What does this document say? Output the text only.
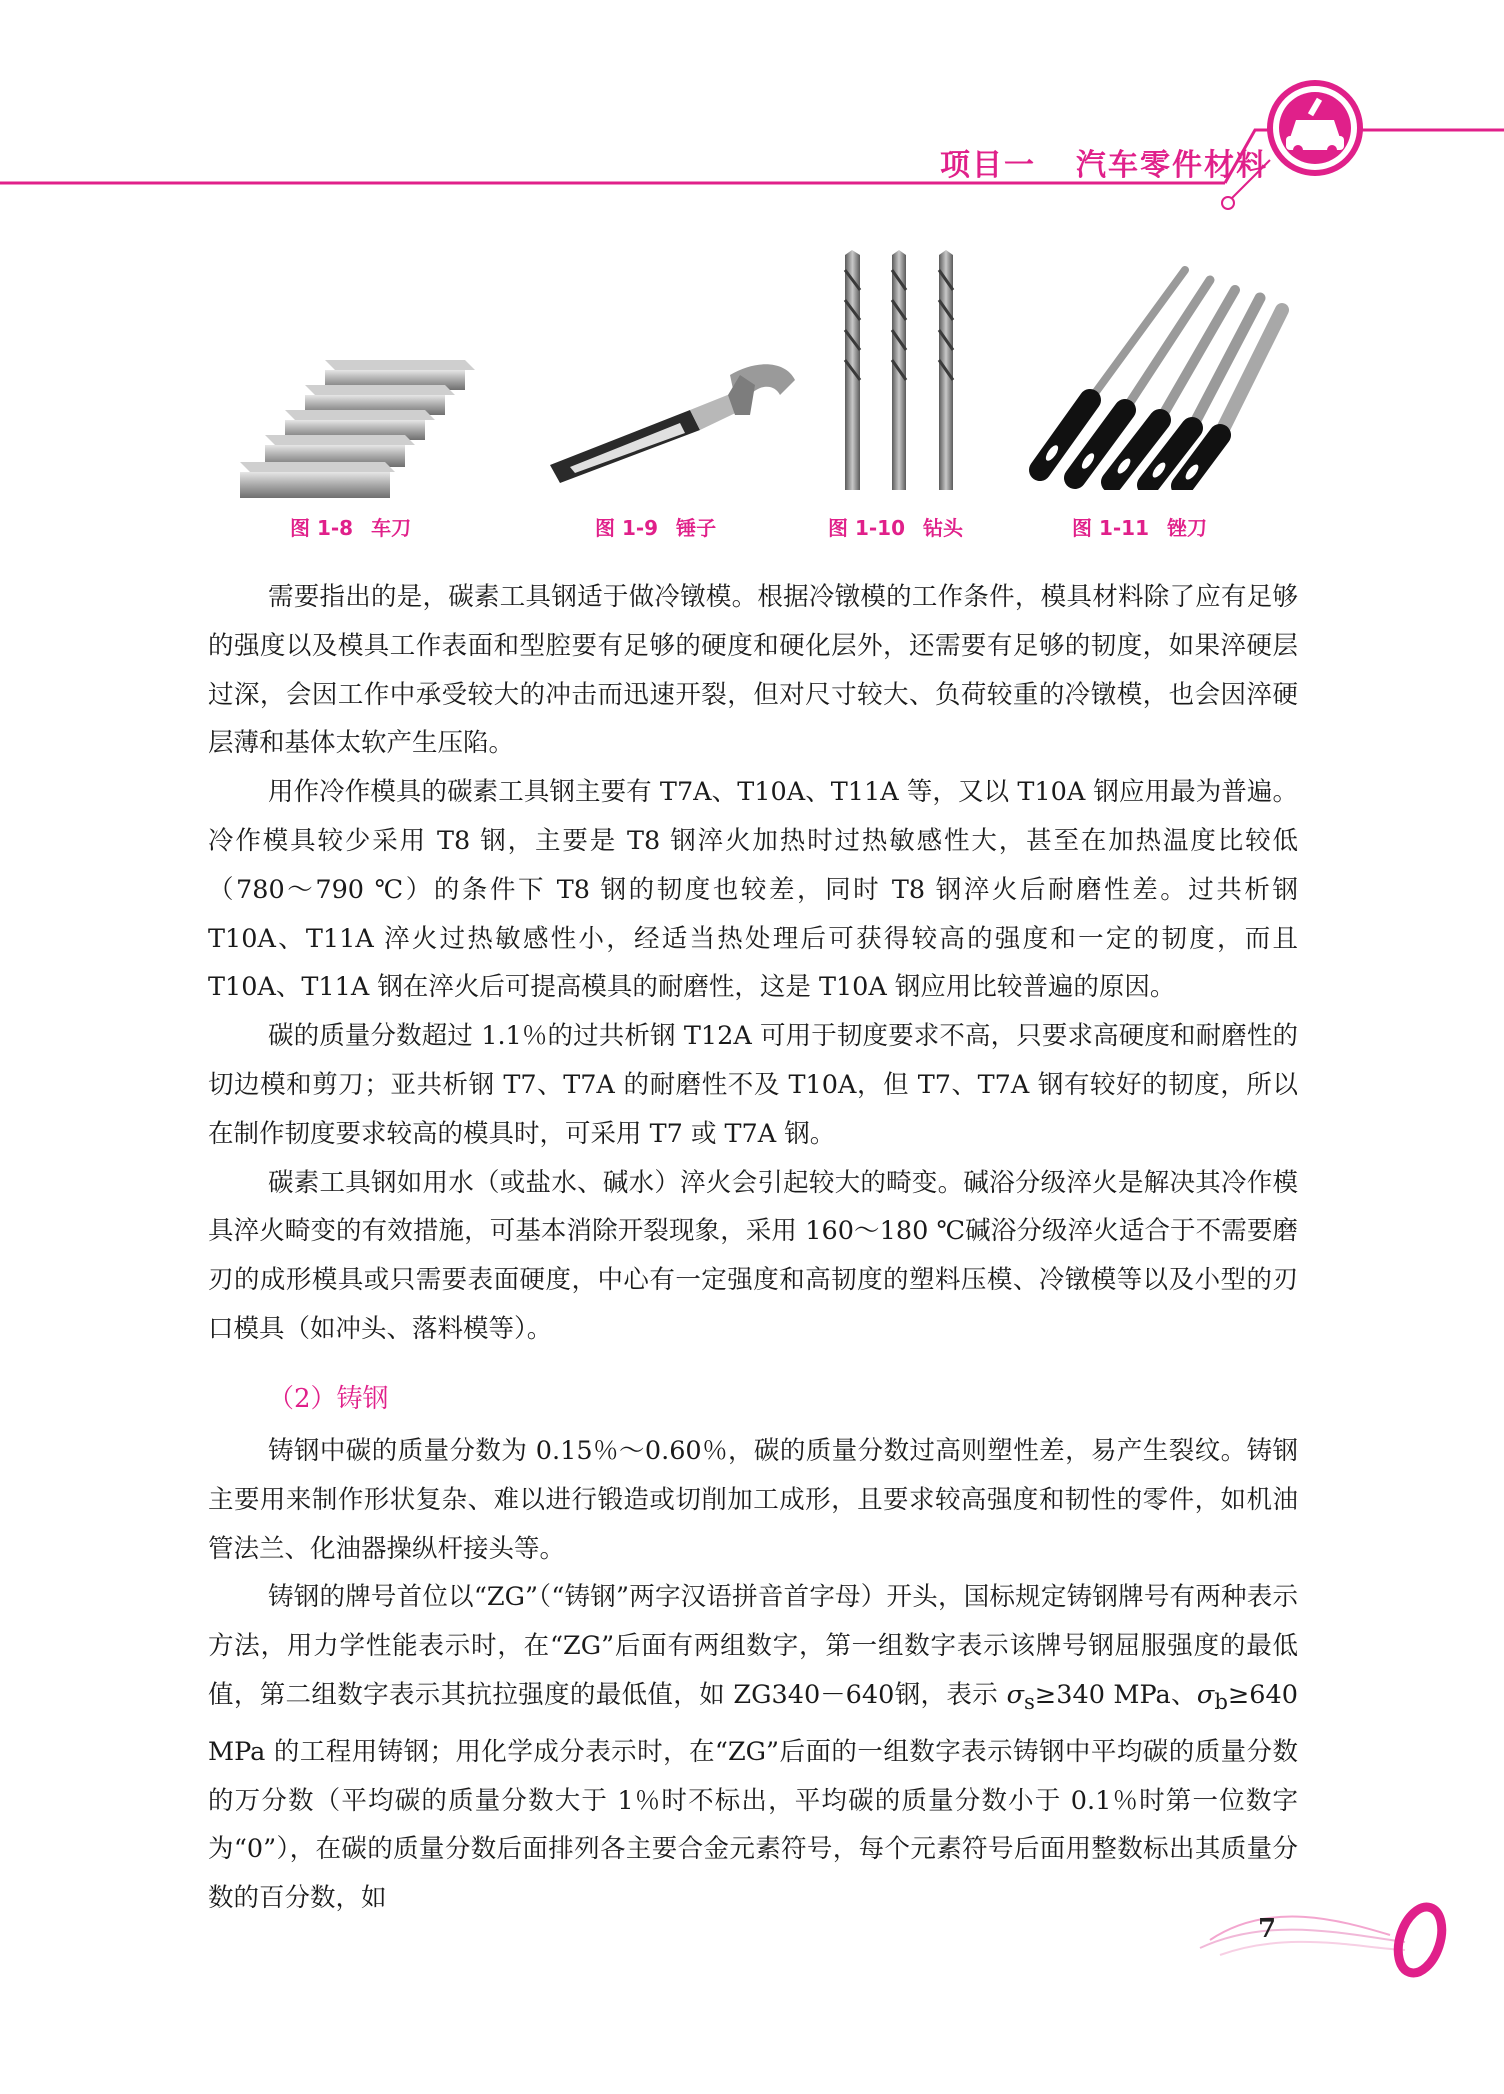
项目一 汽车零件材料
图 1-8 车刀	图 1-9 锤子	图 1-10 钻头	图 1-11 锉刀

需要指出的是，碳素工具钢适于做冷镦模。根据冷镦模的工作条件，模具材料除了应有足够的强度以及模具工作表面和型腔要有足够的硬度和硬化层外，还需要有足够的韧度，如果淬硬层过深，会因工作中承受较大的冲击而迅速开裂，但对尺寸较大、负荷较重的冷镦模，也会因淬硬层薄和基体太软产生压陷。

用作冷作模具的碳素工具钢主要有 T7A、T10A、T11A 等，又以 T10A 钢应用最为普遍。冷作模具较少采用 T8 钢，主要是 T8 钢淬火加热时过热敏感性大，甚至在加热温度比较低（780～790 ℃）的条件下 T8 钢的韧度也较差，同时 T8 钢淬火后耐磨性差。过共析钢 T10A、T11A 淬火过热敏感性小，经适当热处理后可获得较高的强度和一定的韧度，而且 T10A、T11A 钢在淬火后可提高模具的耐磨性，这是 T10A 钢应用比较普遍的原因。

碳的质量分数超过 1.1％的过共析钢 T12A 可用于韧度要求不高，只要求高硬度和耐磨性的切边模和剪刀；亚共析钢 T7、T7A 的耐磨性不及 T10A，但 T7、T7A 钢有较好的韧度，所以在制作韧度要求较高的模具时，可采用 T7 或 T7A 钢。

碳素工具钢如用水（或盐水、碱水）淬火会引起较大的畸变。碱浴分级淬火是解决其冷作模具淬火畸变的有效措施，可基本消除开裂现象，采用 160～180 ℃碱浴分级淬火适合于不需要磨刃的成形模具或只需要表面硬度，中心有一定强度和高韧度的塑料压模、冷镦模等以及小型的刃口模具（如冲头、落料模等）。

（2）铸钢

铸钢中碳的质量分数为 0.15％～0.60％，碳的质量分数过高则塑性差，易产生裂纹。铸钢主要用来制作形状复杂、难以进行锻造或切削加工成形，且要求较高强度和韧性的零件，如机油管法兰、化油器操纵杆接头等。

铸钢的牌号首位以“ZG”（“铸钢”两字汉语拼音首字母）开头，国标规定铸钢牌号有两种表示方法，用力学性能表示时，在“ZG”后面有两组数字，第一组数字表示该牌号钢屈服强度的最低值，第二组数字表示其抗拉强度的最低值，如 ZG340－640钢，表示 $\sigma_s\ge 340$ MPa、$\sigma_b\ge 640$ MPa 的工程用铸钢；用化学成分表示时，在“ZG”后面的一组数字表示铸钢中平均碳的质量分数的万分数（平均碳的质量分数大于 1％时不标出，平均碳的质量分数小于 0.1％时第一位数字为“0”），在碳的质量分数后面排列各主要合金元素符号，每个元素符号后面用整数标出其质量分数的百分数，如

7
